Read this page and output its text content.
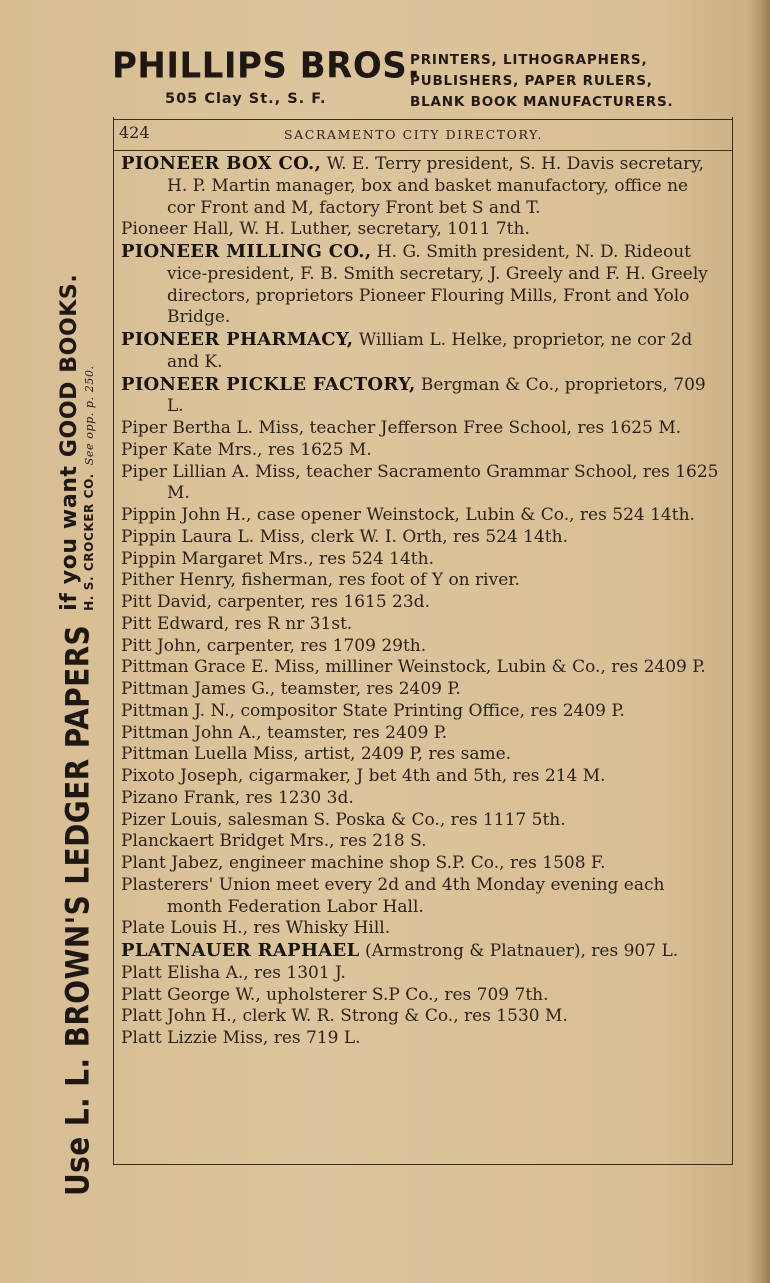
PHILLIPS BROS.
505 Clay St., S. F.
PRINTERS, LITHOGRAPHERS,
PUBLISHERS, PAPER RULERS,
BLANK BOOK MANUFACTURERS.
Use L. L. BROWN'S LEDGER PAPERS
if you want GOOD BOOKS. H. S. CROCKER CO.See opp. p. 250.
424	SACRAMENTO CITY DIRECTORY.
PIONEER BOX CO., W. E. Terry president, S. H. Davis secretary, H. P. Martin manager, box and basket manufactory, office ne cor Front and M, factory Front bet S and T.
Pioneer Hall, W. H. Luther, secretary, 1011 7th.
PIONEER MILLING CO., H. G. Smith president, N. D. Rideout vice-president, F. B. Smith secretary, J. Greely and F. H. Greely directors, proprietors Pioneer Flouring Mills, Front and Yolo Bridge.
PIONEER PHARMACY, William L. Helke, proprietor, ne cor 2d and K.
PIONEER PICKLE FACTORY, Bergman & Co., proprietors, 709 L.
Piper Bertha L. Miss, teacher Jefferson Free School, res 1625 M.
Piper Kate Mrs., res 1625 M.
Piper Lillian A. Miss, teacher Sacramento Grammar School, res 1625 M.
Pippin John H., case opener Weinstock, Lubin & Co., res 524 14th.
Pippin Laura L. Miss, clerk W. I. Orth, res 524 14th.
Pippin Margaret Mrs., res 524 14th.
Pither Henry, fisherman, res foot of Y on river.
Pitt David, carpenter, res 1615 23d.
Pitt Edward, res R nr 31st.
Pitt John, carpenter, res 1709 29th.
Pittman Grace E. Miss, milliner Weinstock, Lubin & Co., res 2409 P.
Pittman James G., teamster, res 2409 P.
Pittman J. N., compositor State Printing Office, res 2409 P.
Pittman John A., teamster, res 2409 P.
Pittman Luella Miss, artist, 2409 P, res same.
Pixoto Joseph, cigarmaker, J bet 4th and 5th, res 214 M.
Pizano Frank, res 1230 3d.
Pizer Louis, salesman S. Poska & Co., res 1117 5th.
Planckaert Bridget Mrs., res 218 S.
Plant Jabez, engineer machine shop S.P. Co., res 1508 F.
Plasterers' Union meet every 2d and 4th Monday evening each month Federation Labor Hall.
Plate Louis H., res Whisky Hill.
PLATNAUER RAPHAEL (Armstrong & Platnauer), res 907 L.
Platt Elisha A., res 1301 J.
Platt George W., upholsterer S.P Co., res 709 7th.
Platt John H., clerk W. R. Strong & Co., res 1530 M.
Platt Lizzie Miss, res 719 L.
